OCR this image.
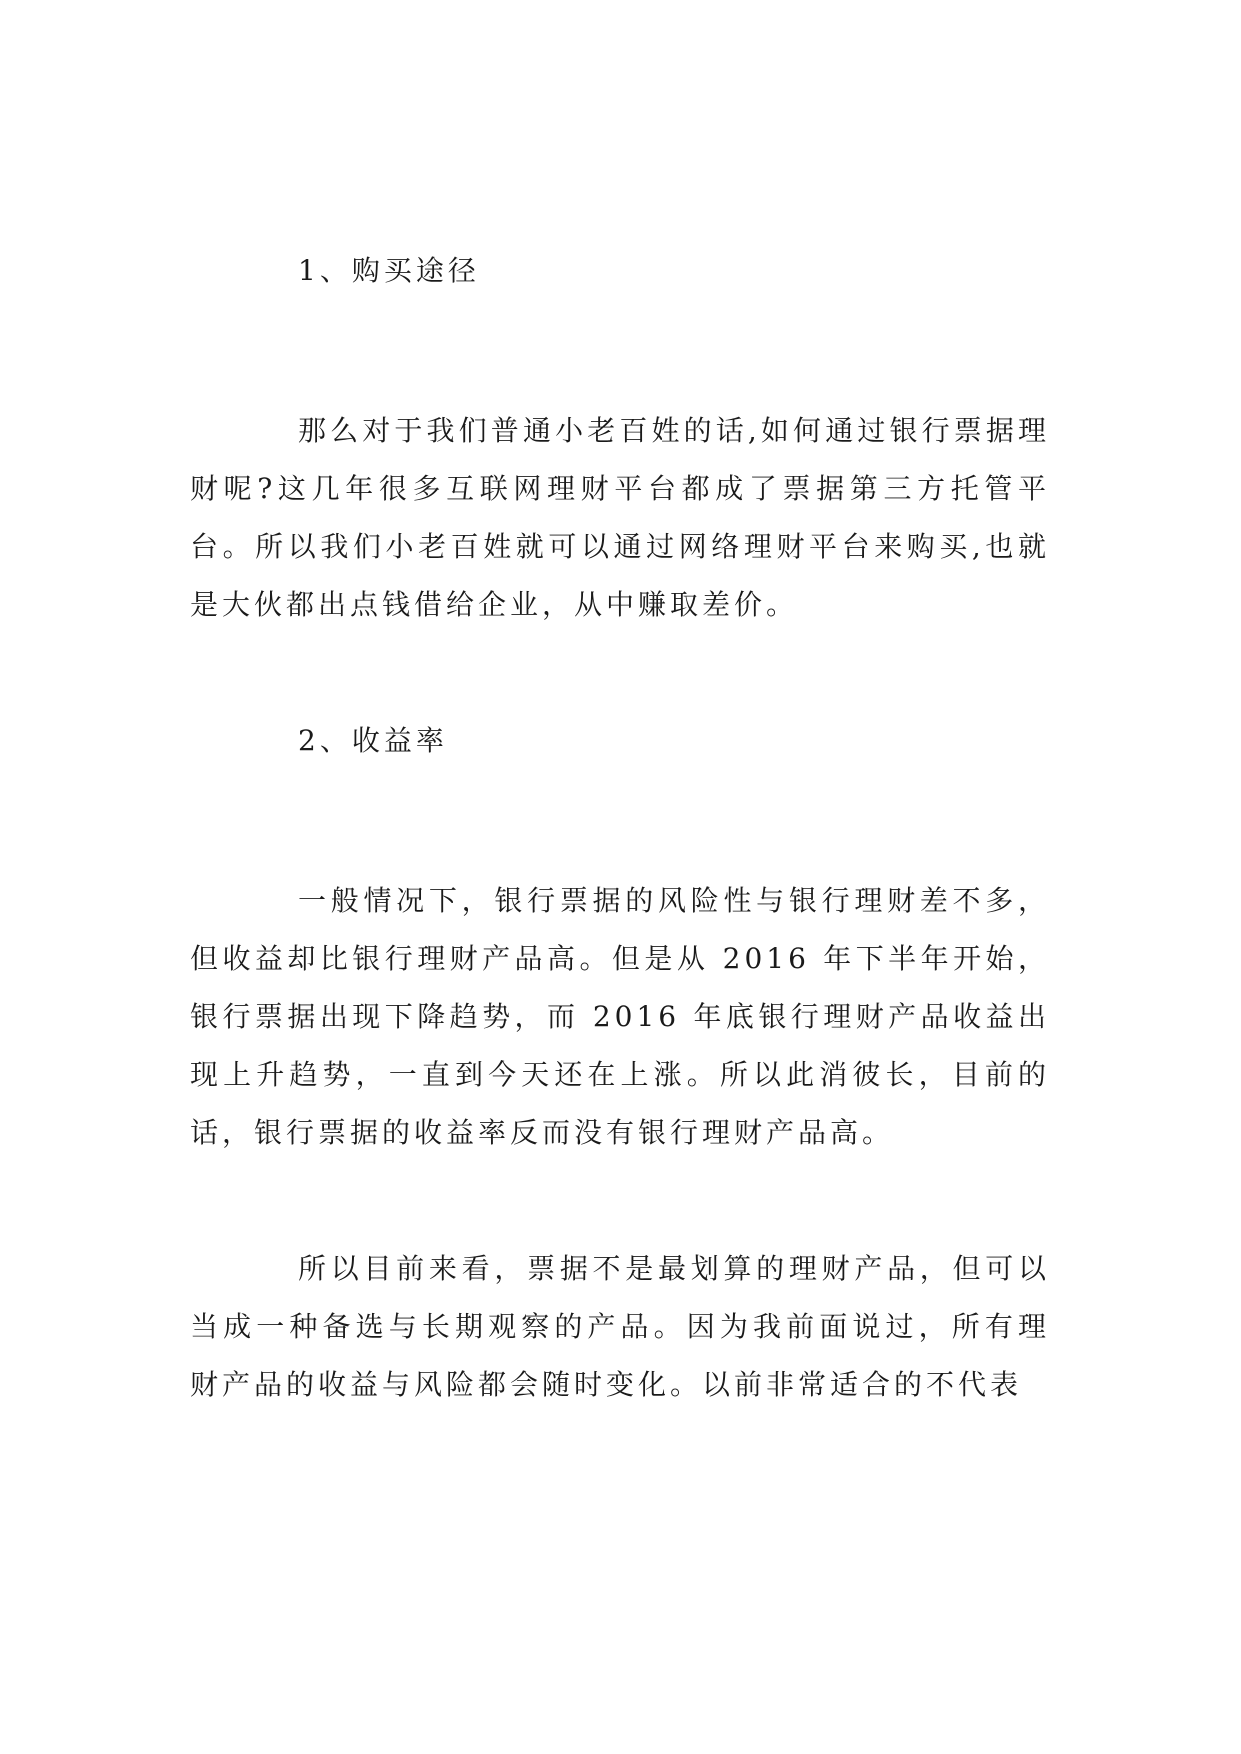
1、购买途径

那么对于我们普通小老百姓的话,如何通过银行票据理财呢?这几年很多互联网理财平台都成了票据第三方托管平台。所以我们小老百姓就可以通过网络理财平台来购买,也就是大伙都出点钱借给企业，从中赚取差价。

2、收益率

一般情况下，银行票据的风险性与银行理财差不多，但收益却比银行理财产品高。但是从 2016 年下半年开始，银行票据出现下降趋势，而 2016 年底银行理财产品收益出现上升趋势，一直到今天还在上涨。所以此消彼长，目前的话，银行票据的收益率反而没有银行理财产品高。

所以目前来看，票据不是最划算的理财产品，但可以当成一种备选与长期观察的产品。因为我前面说过，所有理财产品的收益与风险都会随时变化。以前非常适合的不代表
